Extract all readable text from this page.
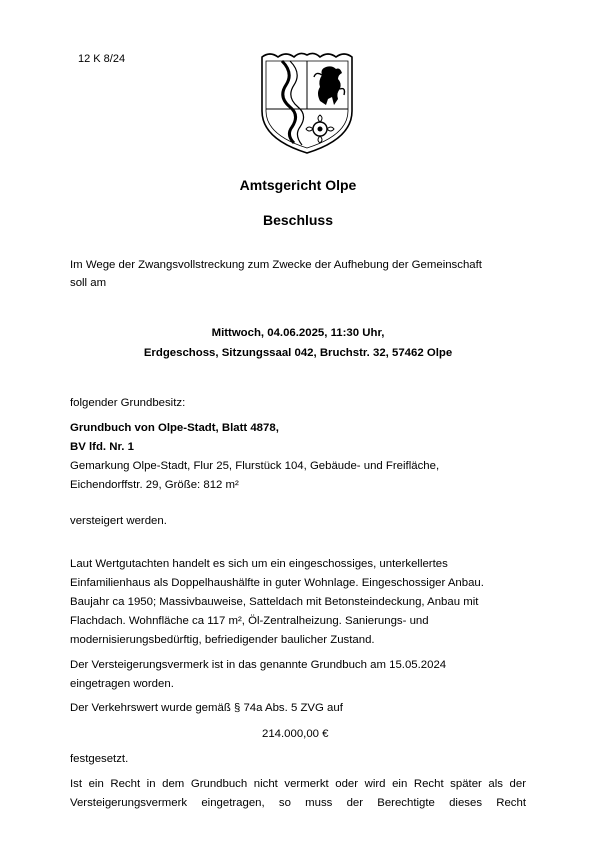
12 K 8/24
Amtsgericht Olpe
Beschluss
Im Wege der Zwangsvollstreckung zum Zwecke der Aufhebung der Gemeinschaft
soll am
Mittwoch, 04.06.2025, 11:30 Uhr,
Erdgeschoss, Sitzungssaal 042, Bruchstr. 32, 57462 Olpe
folgender Grundbesitz:
Grundbuch von Olpe-Stadt, Blatt 4878,
BV lfd. Nr. 1
Gemarkung Olpe-Stadt, Flur 25, Flurstück 104, Gebäude- und Freifläche,
Eichendorffstr. 29, Größe: 812 m²
versteigert werden.
Laut Wertgutachten handelt es sich um ein eingeschossiges, unterkellertes
Einfamilienhaus als Doppelhaushälfte in guter Wohnlage. Eingeschossiger Anbau.
Baujahr ca 1950; Massivbauweise, Satteldach mit Betonsteindeckung, Anbau mit
Flachdach. Wohnfläche ca 117 m², Öl-Zentralheizung. Sanierungs- und
modernisierungsbedürftig, befriedigender baulicher Zustand.
Der Versteigerungsvermerk ist in das genannte Grundbuch am 15.05.2024
eingetragen worden.
Der Verkehrswert wurde gemäß § 74a Abs. 5 ZVG auf
214.000,00 €
festgesetzt.
Ist ein Recht in dem Grundbuch nicht vermerkt oder wird ein Recht später als der
Versteigerungsvermerk eingetragen, so muss der Berechtigte dieses Recht
